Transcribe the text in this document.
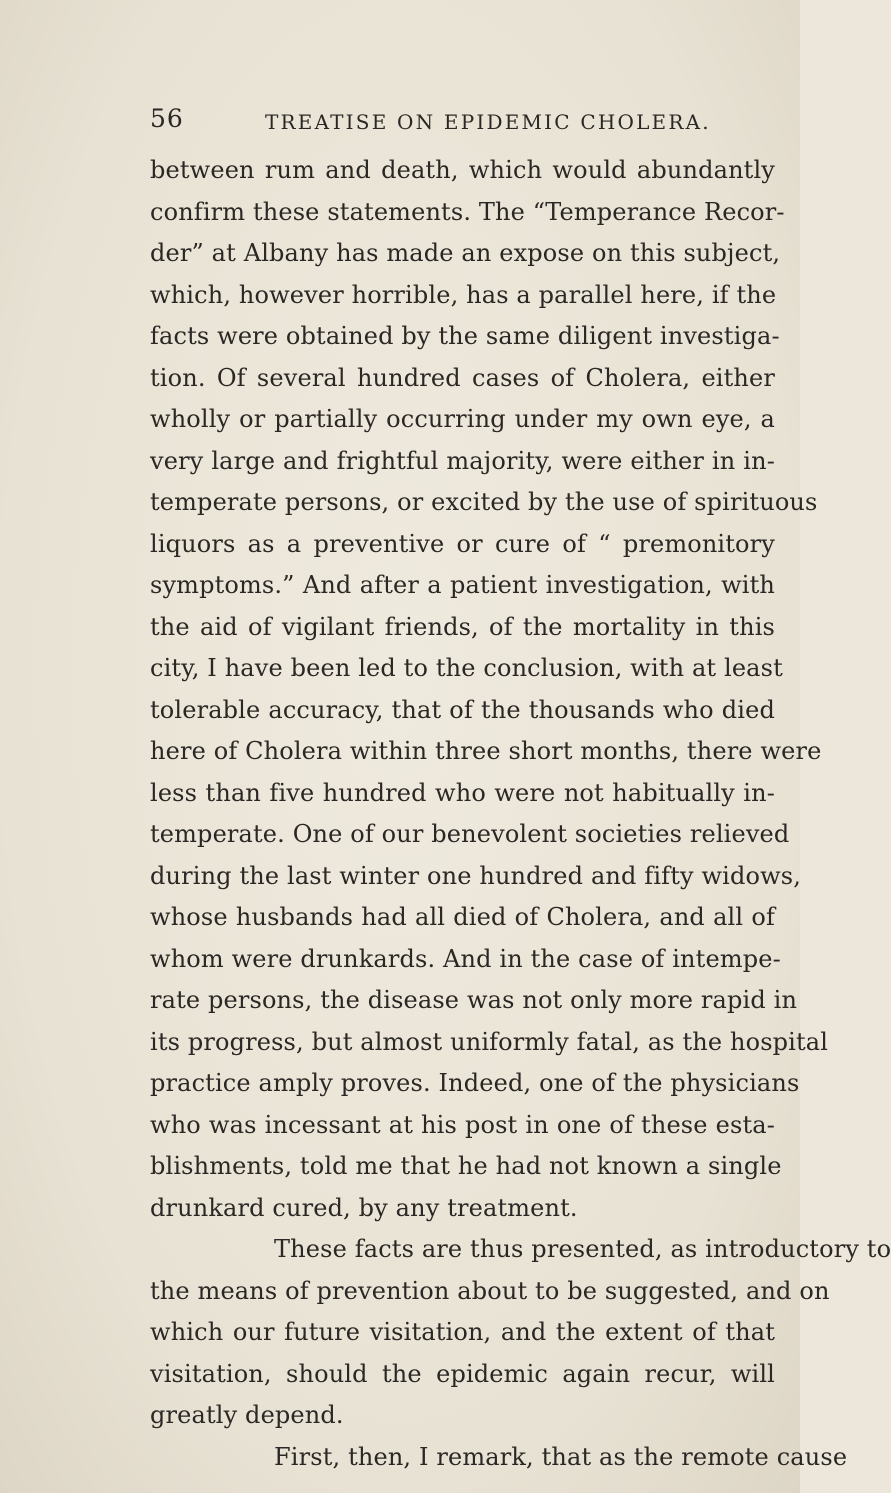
56	TREATISE ON EPIDEMIC CHOLERA.
between rum and death, which would abundantly
confirm these statements. The “Temperance Recor-
der” at Albany has made an expose on this subject,
which, however horrible, has a parallel here, if the
facts were obtained by the same diligent investiga-
tion. Of several hundred cases of Cholera, either
wholly or partially occurring under my own eye, a
very large and frightful majority, were either in in-
temperate persons, or excited by the use of spirituous
liquors as a preventive or cure of “ premonitory
symptoms.” And after a patient investigation, with
the aid of vigilant friends, of the mortality in this
city, I have been led to the conclusion, with at least
tolerable accuracy, that of the thousands who died
here of Cholera within three short months, there were
less than five hundred who were not habitually in-
temperate. One of our benevolent societies relieved
during the last winter one hundred and fifty widows,
whose husbands had all died of Cholera, and all of
whom were drunkards. And in the case of intempe-
rate persons, the disease was not only more rapid in
its progress, but almost uniformly fatal, as the hospital
practice amply proves. Indeed, one of the physicians
who was incessant at his post in one of these esta-
blishments, told me that he had not known a single
drunkard cured, by any treatment.
These facts are thus presented, as introductory to
the means of prevention about to be suggested, and on
which our future visitation, and the extent of that
visitation, should the epidemic again recur, will
greatly depend.
First, then, I remark, that as the remote cause
